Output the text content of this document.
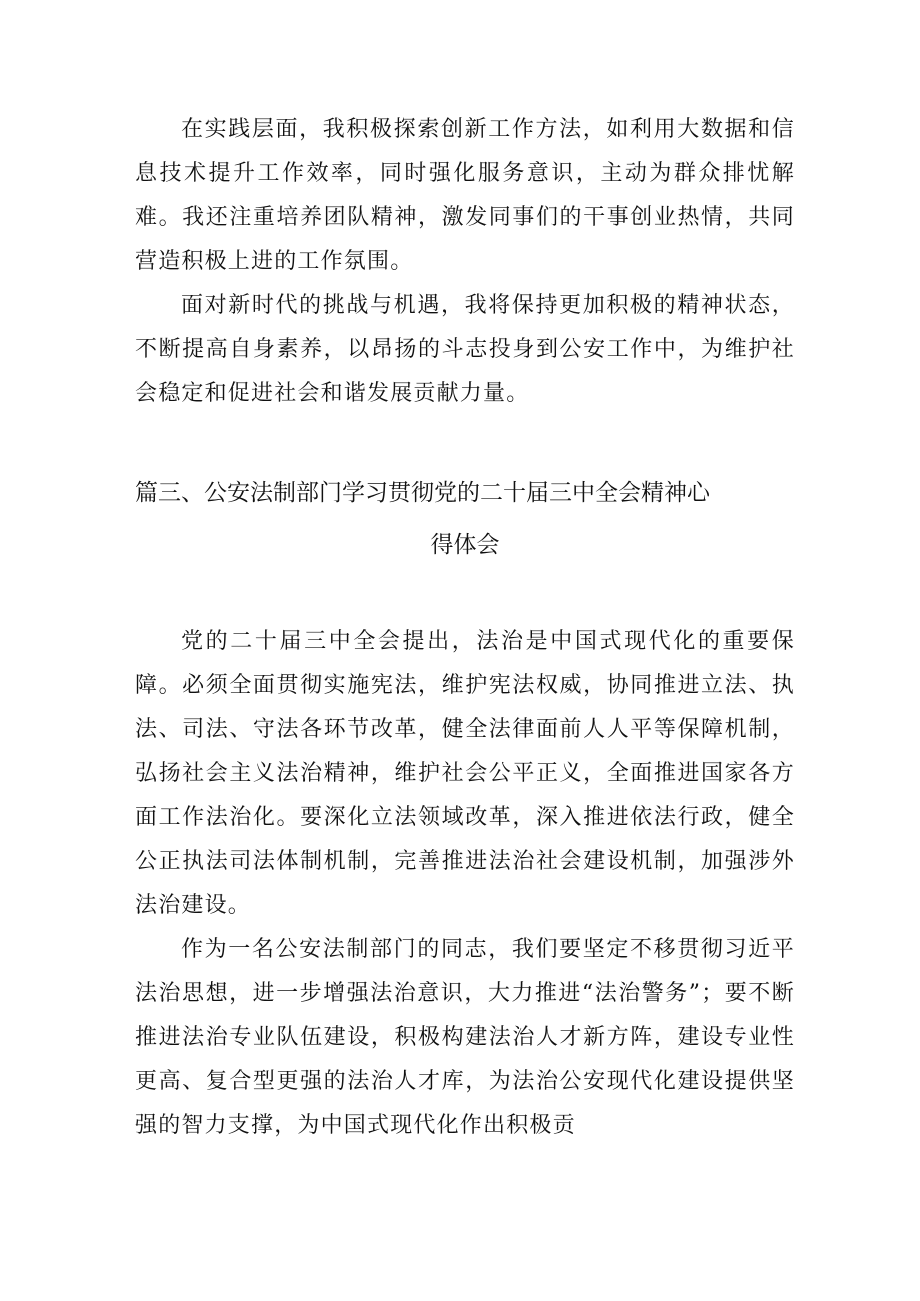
在实践层面，我积极探索创新工作方法，如利用大数据和信息技术提升工作效率，同时强化服务意识，主动为群众排忧解难。我还注重培养团队精神，激发同事们的干事创业热情，共同营造积极上进的工作氛围。

面对新时代的挑战与机遇，我将保持更加积极的精神状态，不断提高自身素养，以昂扬的斗志投身到公安工作中，为维护社会稳定和促进社会和谐发展贡献力量。

篇三、公安法制部门学习贯彻党的二十届三中全会精神心
得体会

党的二十届三中全会提出，法治是中国式现代化的重要保障。必须全面贯彻实施宪法，维护宪法权威，协同推进立法、执法、司法、守法各环节改革，健全法律面前人人平等保障机制，弘扬社会主义法治精神，维护社会公平正义，全面推进国家各方面工作法治化。要深化立法领域改革，深入推进依法行政，健全公正执法司法体制机制，完善推进法治社会建设机制，加强涉外法治建设。

作为一名公安法制部门的同志，我们要坚定不移贯彻习近平法治思想，进一步增强法治意识，大力推进“法治警务”；要不断推进法治专业队伍建设，积极构建法治人才新方阵，建设专业性更高、复合型更强的法治人才库，为法治公安现代化建设提供坚强的智力支撑，为中国式现代化作出积极贡
